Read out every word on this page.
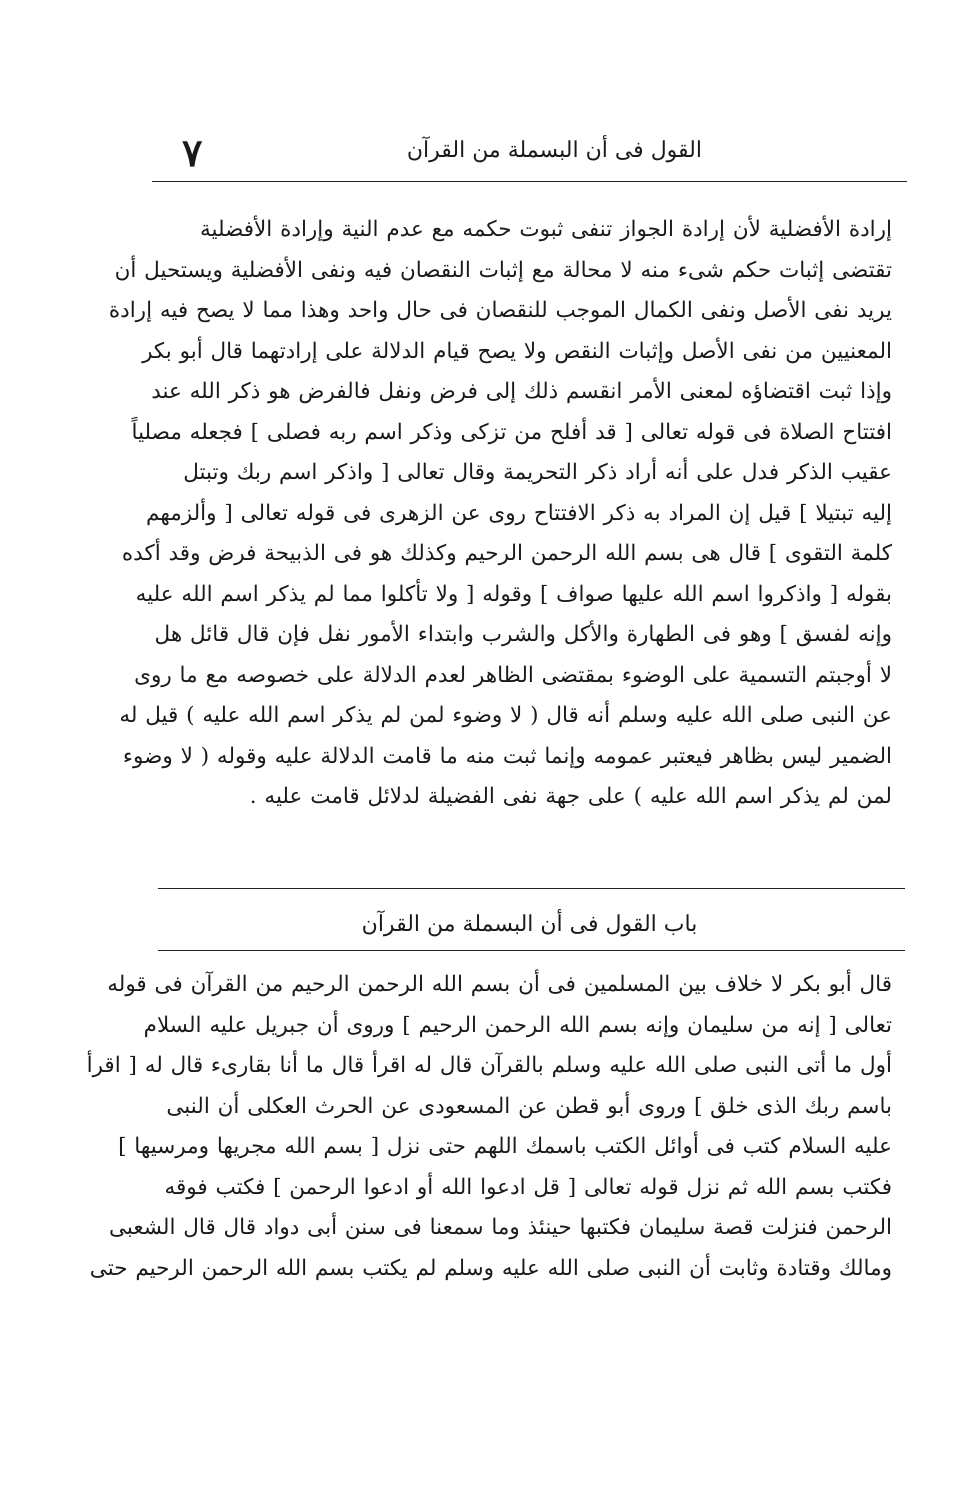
القول فى أن البسملة من القرآن
٧
إرادة الأفضلية لأن إرادة الجواز تنفى ثبوت حكمه مع عدم النية وإرادة الأفضلية
تقتضى إثبات حكم شىء منه لا محالة مع إثبات النقصان فيه ونفى الأفضلية ويستحيل أن
يريد نفى الأصل ونفى الكمال الموجب للنقصان فى حال واحد وهذا مما لا يصح فيه إرادة
المعنيين من نفى الأصل وإثبات النقص ولا يصح قيام الدلالة على إرادتهما قال أبو بكر
وإذا ثبت اقتضاؤه لمعنى الأمر انقسم ذلك إلى فرض ونفل فالفرض هو ذكر الله عند
افتتاح الصلاة فى قوله تعالى [ قد أفلح من تزكى وذكر اسم ربه فصلى ] فجعله مصلياً
عقيب الذكر فدل على أنه أراد ذكر التحريمة وقال تعالى [ واذكر اسم ربك وتبتل
إليه تبتيلا ] قيل إن المراد به ذكر الافتتاح روى عن الزهرى فى قوله تعالى [ وألزمهم
كلمة التقوى ] قال هى بسم الله الرحمن الرحيم وكذلك هو فى الذبيحة فرض وقد أكده
بقوله [ واذكروا اسم الله عليها صواف ] وقوله [ ولا تأكلوا مما لم يذكر اسم الله عليه
وإنه لفسق ] وهو فى الطهارة والأكل والشرب وابتداء الأمور نفل فإن قال قائل هل
لا أوجبتم التسمية على الوضوء بمقتضى الظاهر لعدم الدلالة على خصوصه مع ما روى
عن النبى صلى الله عليه وسلم أنه قال ( لا وضوء لمن لم يذكر اسم الله عليه ) قيل له
الضمير ليس بظاهر فيعتبر عمومه وإنما ثبت منه ما قامت الدلالة عليه وقوله ( لا وضوء
لمن لم يذكر اسم الله عليه ) على جهة نفى الفضيلة لدلائل قامت عليه .
باب القول فى أن البسملة من القرآن
قال أبو بكر لا خلاف بين المسلمين فى أن بسم الله الرحمن الرحيم من القرآن فى قوله
تعالى [ إنه من سليمان وإنه بسم الله الرحمن الرحيم ] وروى أن جبريل عليه السلام
أول ما أتى النبى صلى الله عليه وسلم بالقرآن قال له اقرأ قال ما أنا بقارىء قال له [ اقرأ
باسم ربك الذى خلق ] وروى أبو قطن عن المسعودى عن الحرث العكلى أن النبى
عليه السلام كتب فى أوائل الكتب باسمك اللهم حتى نزل [ بسم الله مجريها ومرسيها ]
فكتب بسم الله ثم نزل قوله تعالى [ قل ادعوا الله أو ادعوا الرحمن ] فكتب فوقه
الرحمن فنزلت قصة سليمان فكتبها حينئذ وما سمعنا فى سنن أبى دواد قال قال الشعبى
ومالك وقتادة وثابت أن النبى صلى الله عليه وسلم لم يكتب بسم الله الرحمن الرحيم حتى
